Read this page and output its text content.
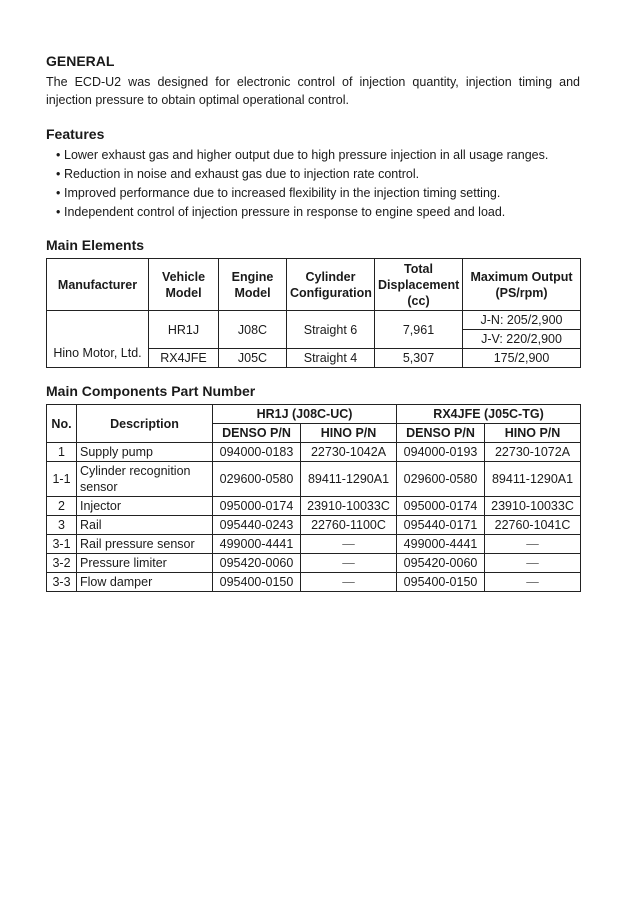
GENERAL

The ECD-U2 was designed for electronic control of injection quantity, injection timing and injection pressure to obtain optimal operational control.

Features
• Lower exhaust gas and higher output due to high pressure injection in all usage ranges.
• Reduction in noise and exhaust gas due to injection rate control.
• Improved performance due to increased flexibility in the injection timing setting.
• Independent control of injection pressure in response to engine speed and load.
Main Elements
Manufacturer	Vehicle Model	Engine Model	Cylinder Configuration	Total Displacement (cc)	Maximum Output (PS/rpm)
Hino Motor, Ltd.	HR1J	J08C	Straight 6	7,961	J-N: 205/2,900
					J-V: 220/2,900
	RX4JFE	J05C	Straight 4	5,307	175/2,900
Main Components Part Number
No.	Description	HR1J (J08C-UC)		RX4JFE (J05C-TG)	
		DENSO P/N	HINO P/N	DENSO P/N	HINO P/N
1	Supply pump	094000-0183	22730-1042A	094000-0193	22730-1072A
1-1	Cylinder recognition sensor	029600-0580	89411-1290A1	029600-0580	89411-1290A1
2	Injector	095000-0174	23910-10033C	095000-0174	23910-10033C
3	Rail	095440-0243	22760-1100C	095440-0171	22760-1041C
3-1	Rail pressure sensor	499000-4441	—	499000-4441	—
3-2	Pressure limiter	095420-0060	—	095420-0060	—
3-3	Flow damper	095400-0150	—	095400-0150	—
